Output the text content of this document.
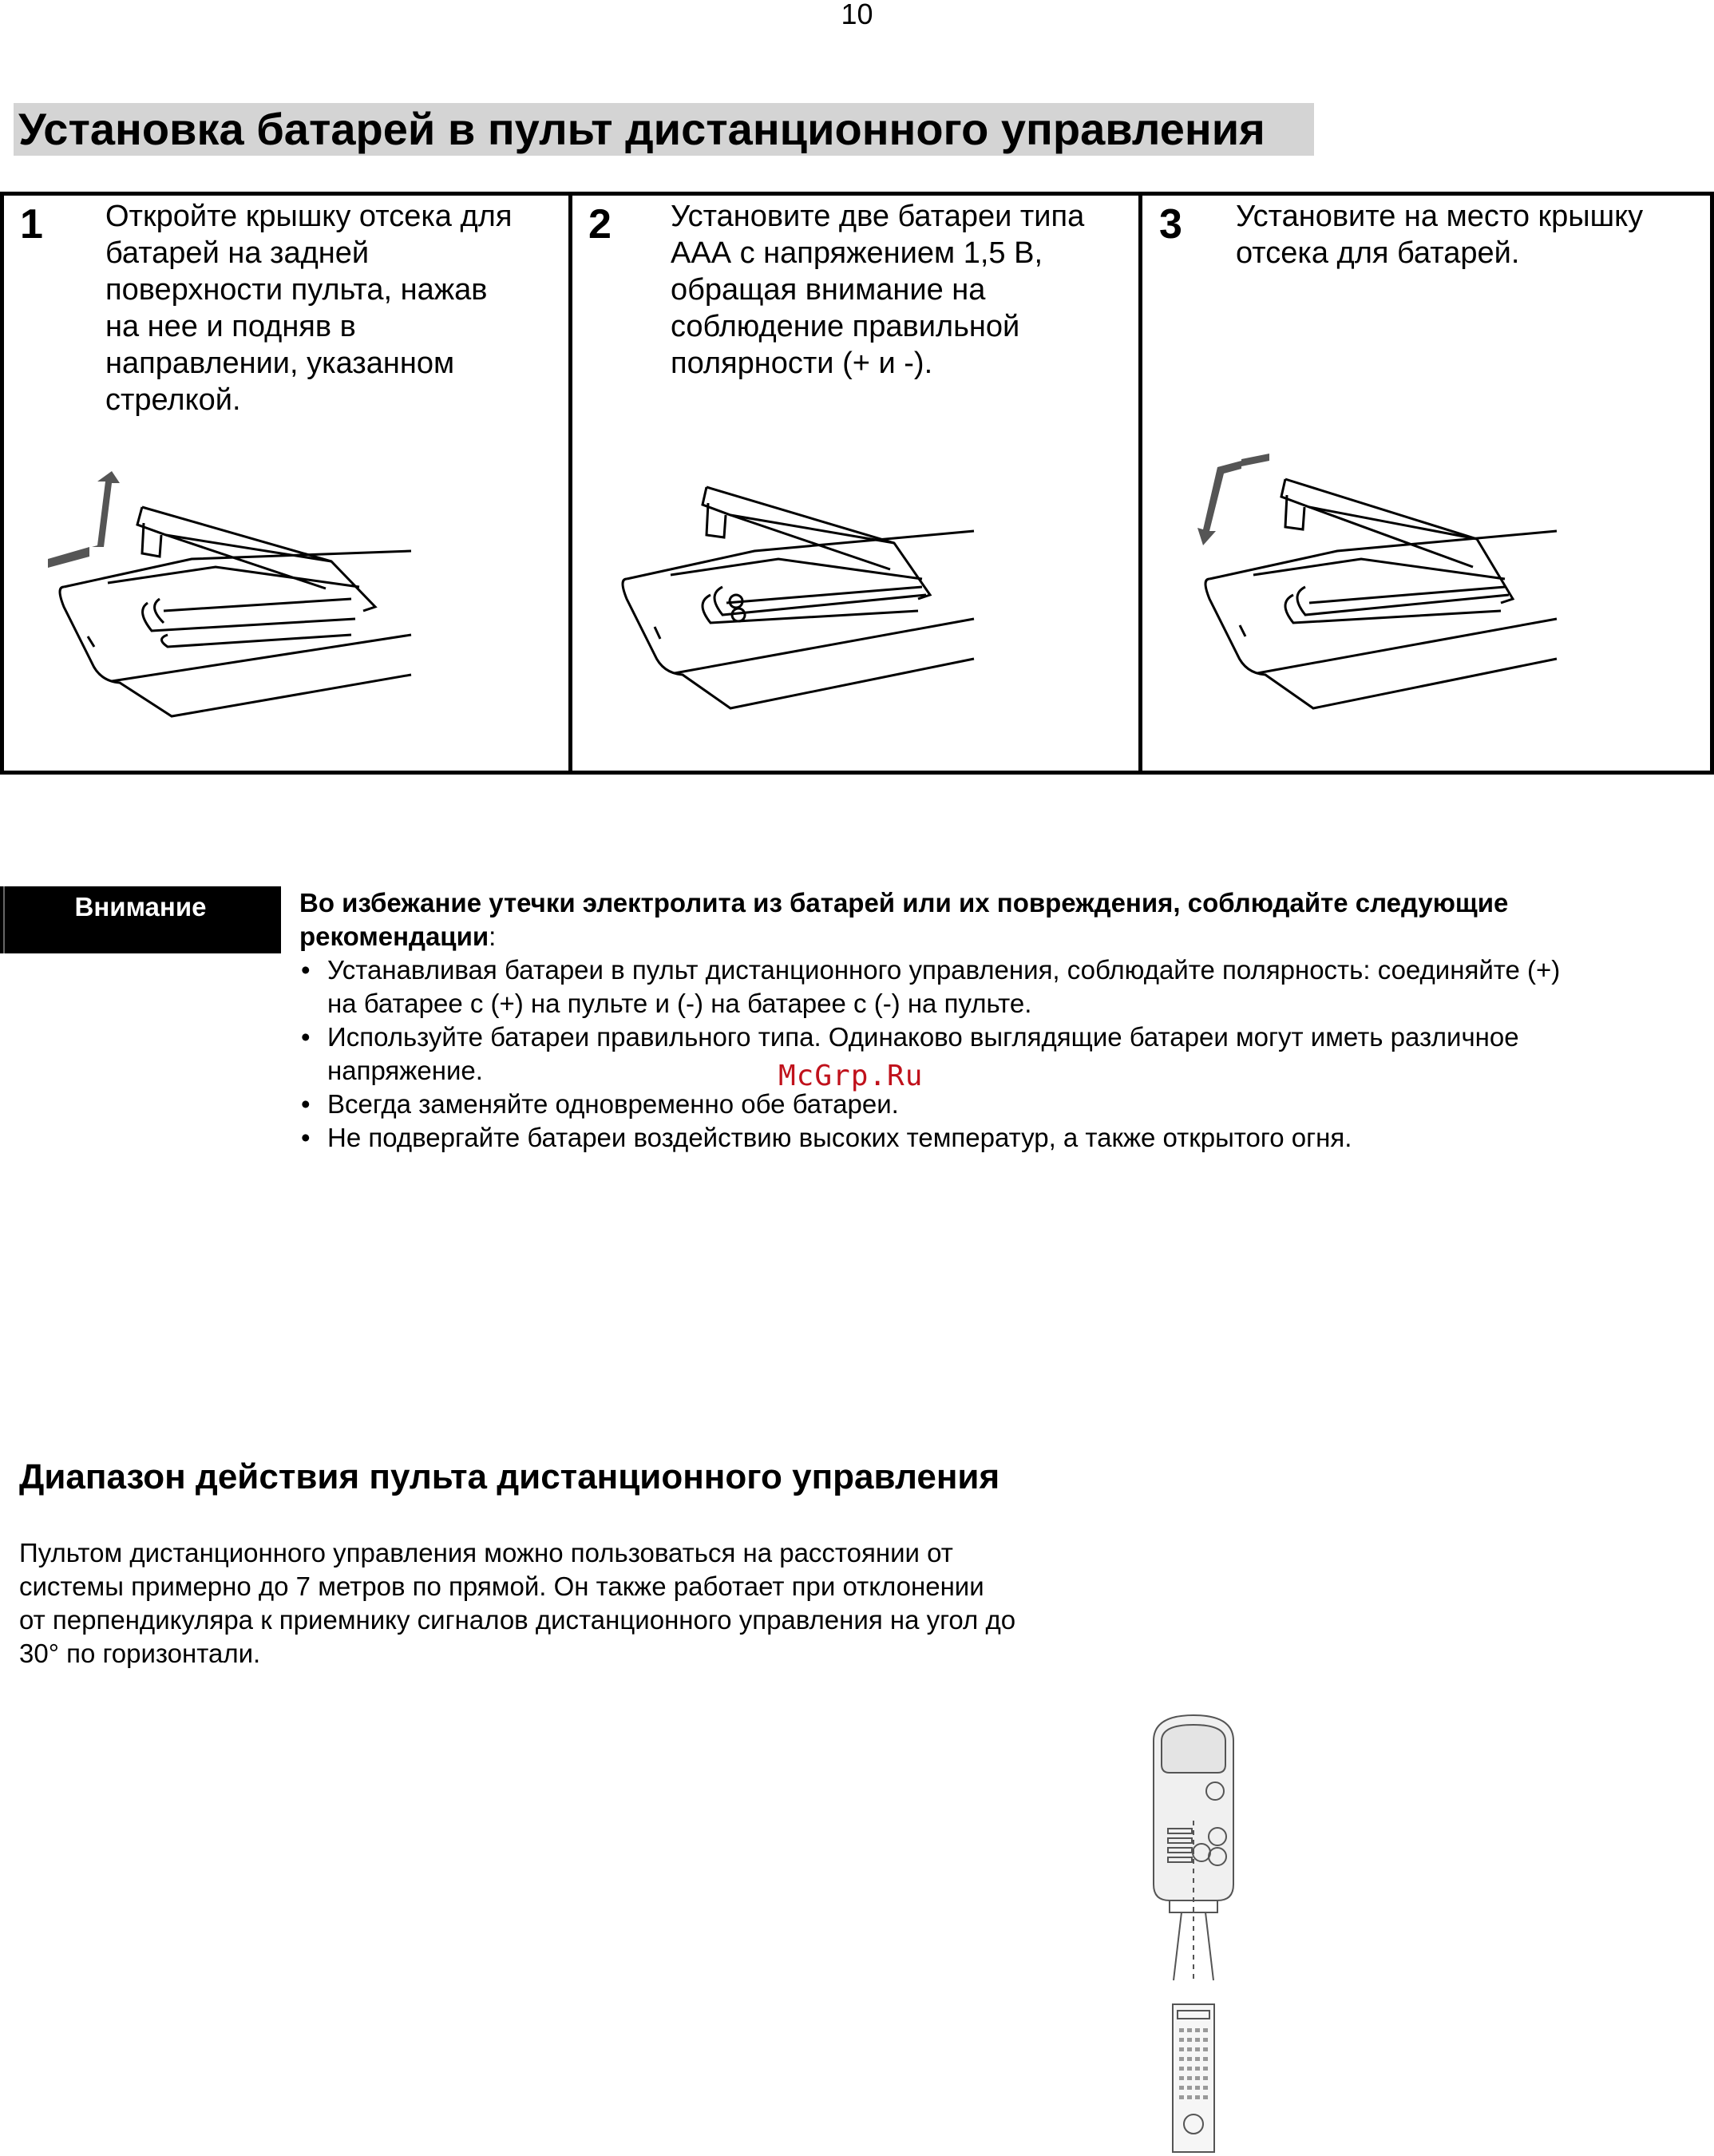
10
Установка батарей в пульт дистанционного управления
1 Откройте крышку отсека для
батарей на задней
поверхности пульта, нажав
на нее и подняв в
направлении, указанном
стрелкой.
2 Установите две батареи типа
ААА с напряжением 1,5 В,
обращая внимание на
соблюдение правильной
полярности (+ и -).
3 Установите на место крышку
отсека для батарей.
Внимание	Во избежание утечки электролита из батарей или их повреждения, соблюдайте следующие рекомендации:
• Устанавливая батареи в пульт дистанционного управления, соблюдайте полярность: соединяйте (+)
на батарее с (+) на пульте и (-) на батарее с (-) на пульте.
• Используйте батареи правильного типа. Одинаково выглядящие батареи могут иметь различное
напряжение.
• Всегда заменяйте одновременно обе батареи.
• Не подвергайте батареи воздействию высоких температур, а также открытого огня.
McGrp.Ru
Диапазон действия пульта дистанционного управления
Пультом дистанционного управления можно пользоваться на расстоянии от
системы примерно до 7 метров по прямой. Он также работает при отклонении
от перпендикуляра к приемнику сигналов дистанционного управления на угол до
30° по горизонтали.
